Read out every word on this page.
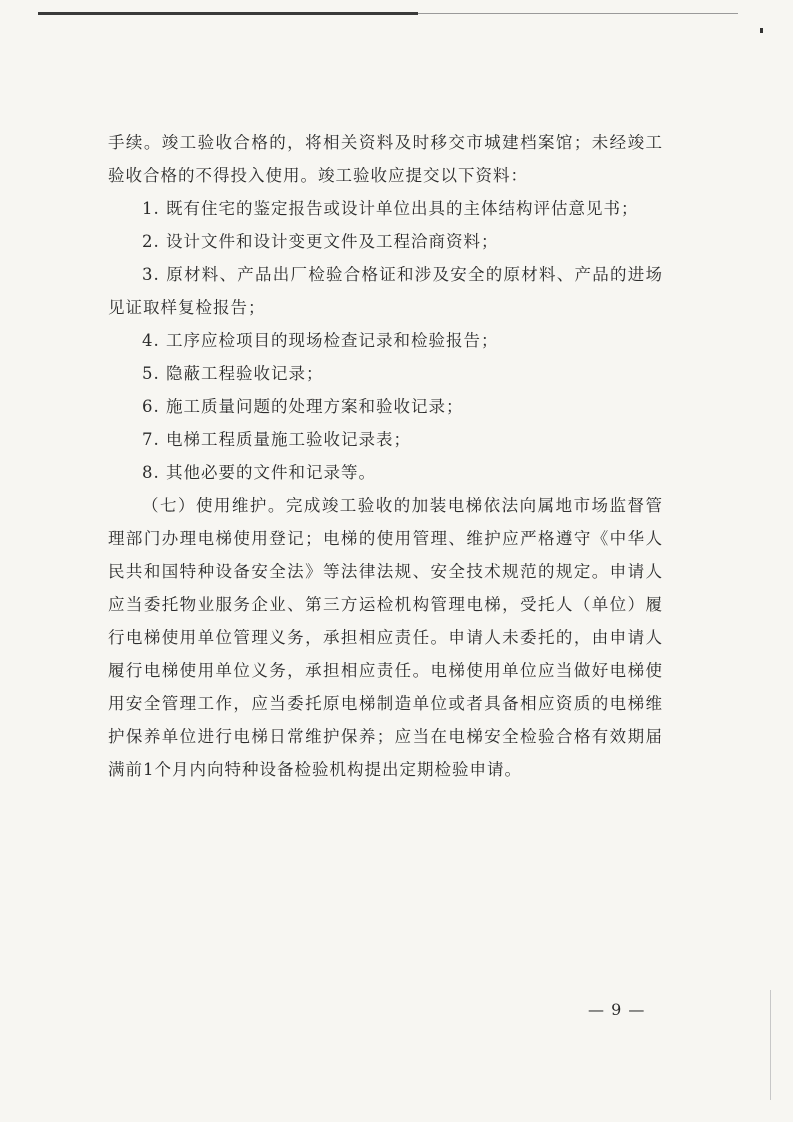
手续。竣工验收合格的，将相关资料及时移交市城建档案馆；未经竣工验收合格的不得投入使用。竣工验收应提交以下资料：

1. 既有住宅的鉴定报告或设计单位出具的主体结构评估意见书；

2. 设计文件和设计变更文件及工程洽商资料；

3. 原材料、产品出厂检验合格证和涉及安全的原材料、产品的进场见证取样复检报告；

4. 工序应检项目的现场检查记录和检验报告；

5. 隐蔽工程验收记录；

6. 施工质量问题的处理方案和验收记录；

7. 电梯工程质量施工验收记录表；

8. 其他必要的文件和记录等。

（七）使用维护。完成竣工验收的加装电梯依法向属地市场监督管理部门办理电梯使用登记；电梯的使用管理、维护应严格遵守《中华人民共和国特种设备安全法》等法律法规、安全技术规范的规定。申请人应当委托物业服务企业、第三方运检机构管理电梯，受托人（单位）履行电梯使用单位管理义务，承担相应责任。申请人未委托的，由申请人履行电梯使用单位义务，承担相应责任。电梯使用单位应当做好电梯使用安全管理工作，应当委托原电梯制造单位或者具备相应资质的电梯维护保养单位进行电梯日常维护保养；应当在电梯安全检验合格有效期届满前1个月内向特种设备检验机构提出定期检验申请。

— 9 —
